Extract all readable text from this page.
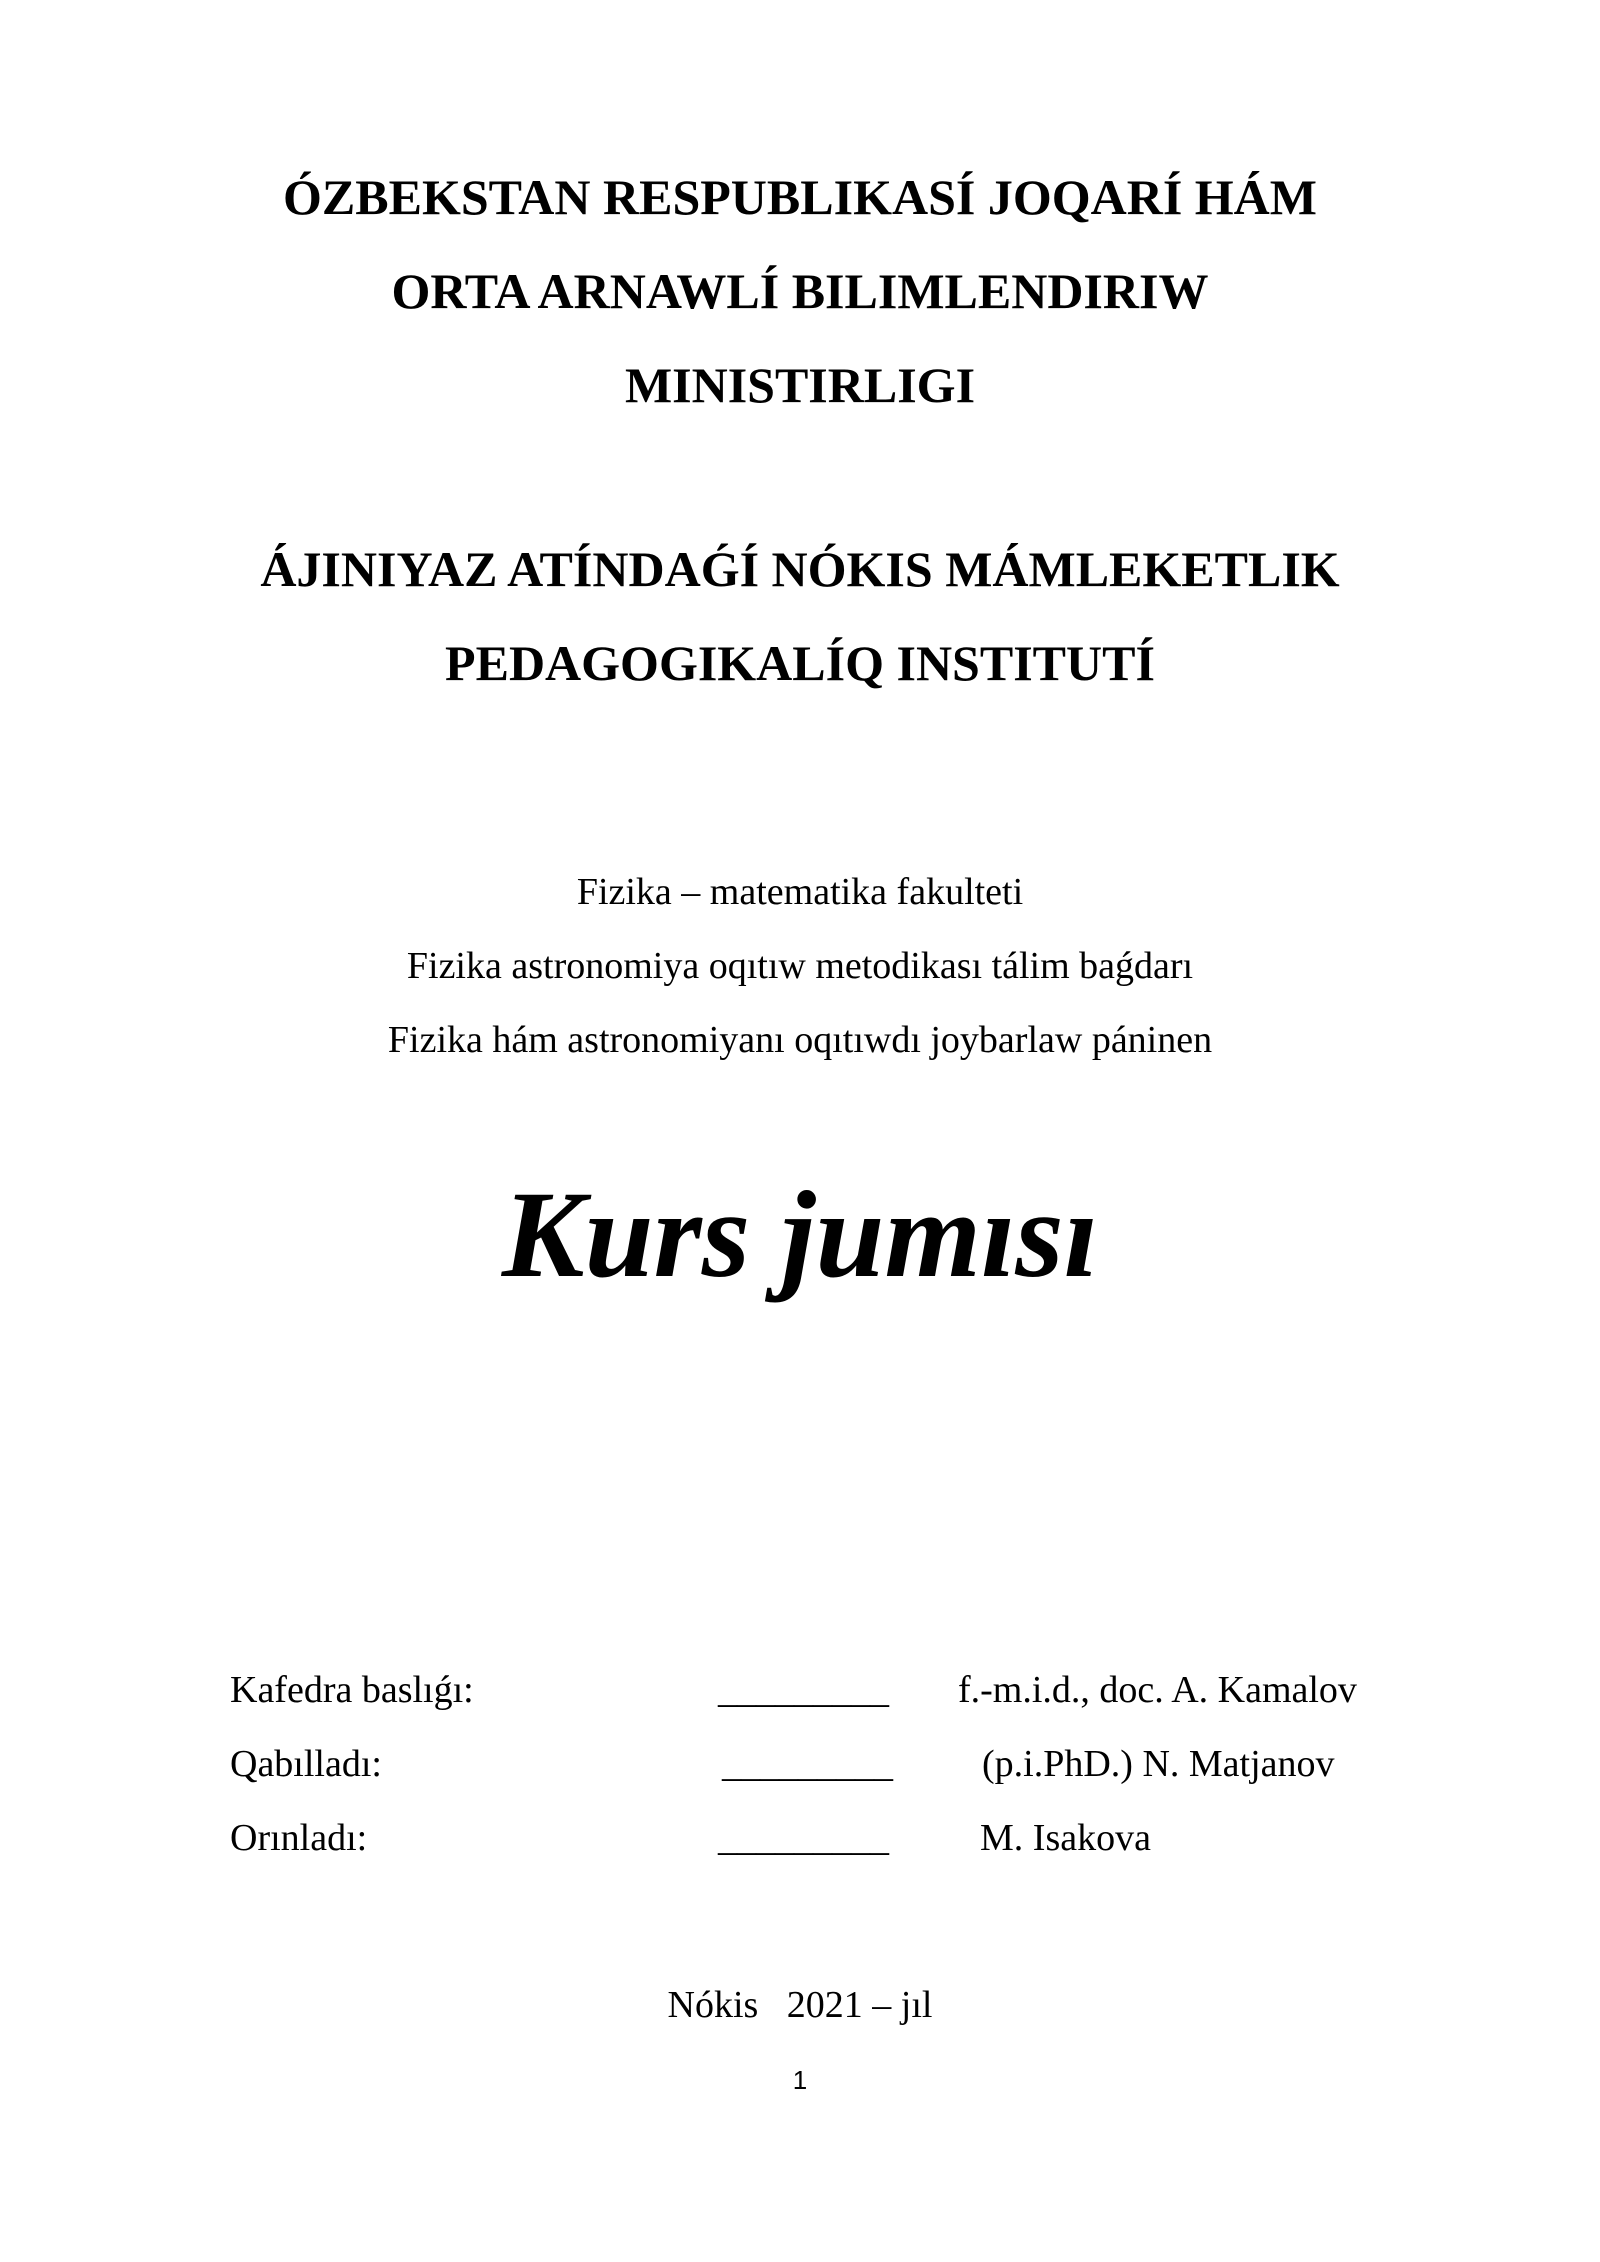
ÓZBEKSTAN RESPUBLIKASÍ JOQARÍ HÁM
ORTA ARNAWLÍ BILIMLENDIRIW
MINISTIRLIGI
ÁJINIYAZ ATÍNDAǴÍ NÓKIS MÁMLEKETLIK
PEDAGOGIKALÍQ INSTITUTÍ
Fizika – matematika fakulteti
Fizika astronomiya oqıtıw metodikası tálim baǵdarı
Fizika hám astronomiyanı oqıtıwdı joybarlaw páninen
Kurs jumısı
Kafedra baslıǵı:	_________ f.-m.i.d., doc. A. Kamalov
Qabılladı:	_________ (p.i.PhD.) N. Matjanov
Orınladı:	_________ M. Isakova
Nókis   2021 – jıl
1
